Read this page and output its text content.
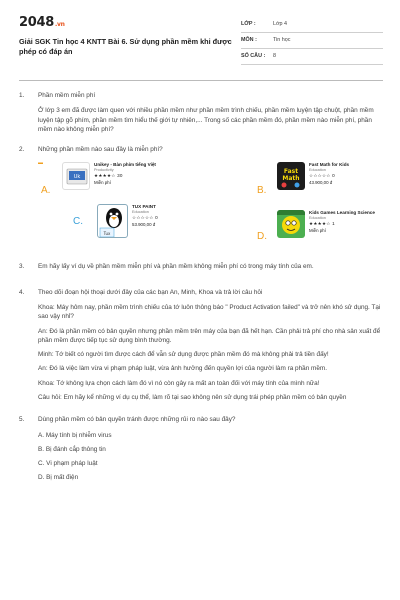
2048.vn
Giải SGK Tin học 4 KNTT Bài 6. Sử dụng phần mềm khi được phép có đáp án
LỚP :	Lớp 4
MÔN :	Tin học
SỐ CÂU :	8
1.	Phần mềm miễn phí

Ở lớp 3 em đã được làm quen với nhiều phần mềm như phần mềm trình chiếu, phần mềm luyện tập chuột, phần mềm luyện tập gõ phím, phần mềm tìm hiểu thế giới tự nhiên,... Trong số các phần mềm đó, phần mềm nào miễn phí, phần mềm nào không miễn phí?

2.	Những phần mềm nào sau đây là miễn phí?

▬
A.
Uk
Unikey - Bàn phím tiếng Việt
Productivity
★★★★☆ 30
Miễn phí
B.
Fast
Math
Fast Math for Kids
Education
☆☆☆☆☆ 0
43.900,00 đ
C.
Tux
TUX PAINT
Education
☆☆☆☆☆ 0
53.900,00 đ
D.
Kids Games Learning Science
Education
★★★★☆ 1
Miễn phí
3.	Em hãy lấy ví dụ về phần mềm miễn phí và phần mềm không miễn phí có trong máy tính của em.

4.	Theo dõi đoạn hội thoại dưới đây của các bạn An, Minh, Khoa và trả lời câu hỏi

Khoa: Máy hôm nay, phần mềm trình chiếu của tớ luôn thông báo " Product Activation failed" và trở nên khó sử dụng. Tại sao vậy nhỉ?

An: Đó là phần mềm có bản quyền nhưng phần mềm trên máy của bạn đã hết hạn. Cần phải trả phí cho nhà sản xuất để phần mềm được tiếp tục sử dụng bình thường.

Minh: Tớ biết có người tìm được cách để vẫn sử dụng được phần mềm đó mà không phải trả tiền đấy!

An: Đó là việc làm vừa vi phạm pháp luật, vừa ảnh hưởng đến quyền lợi của người làm ra phần mềm.

Khoa: Tớ không lựa chọn cách làm đó vì nó còn gây ra mất an toàn đối với máy tính của mình nữa!

Câu hỏi: Em hãy kể những ví dụ cụ thể, làm rõ tại sao không nên sử dụng trái phép phần mềm có bản quyền

5.	Dùng phần mềm có bản quyền tránh được những rủi ro nào sau đây?

A. Máy tính bị nhiễm virus
B. Bị đánh cắp thông tin
C. Vi phạm pháp luật
D. Bị mất điện
